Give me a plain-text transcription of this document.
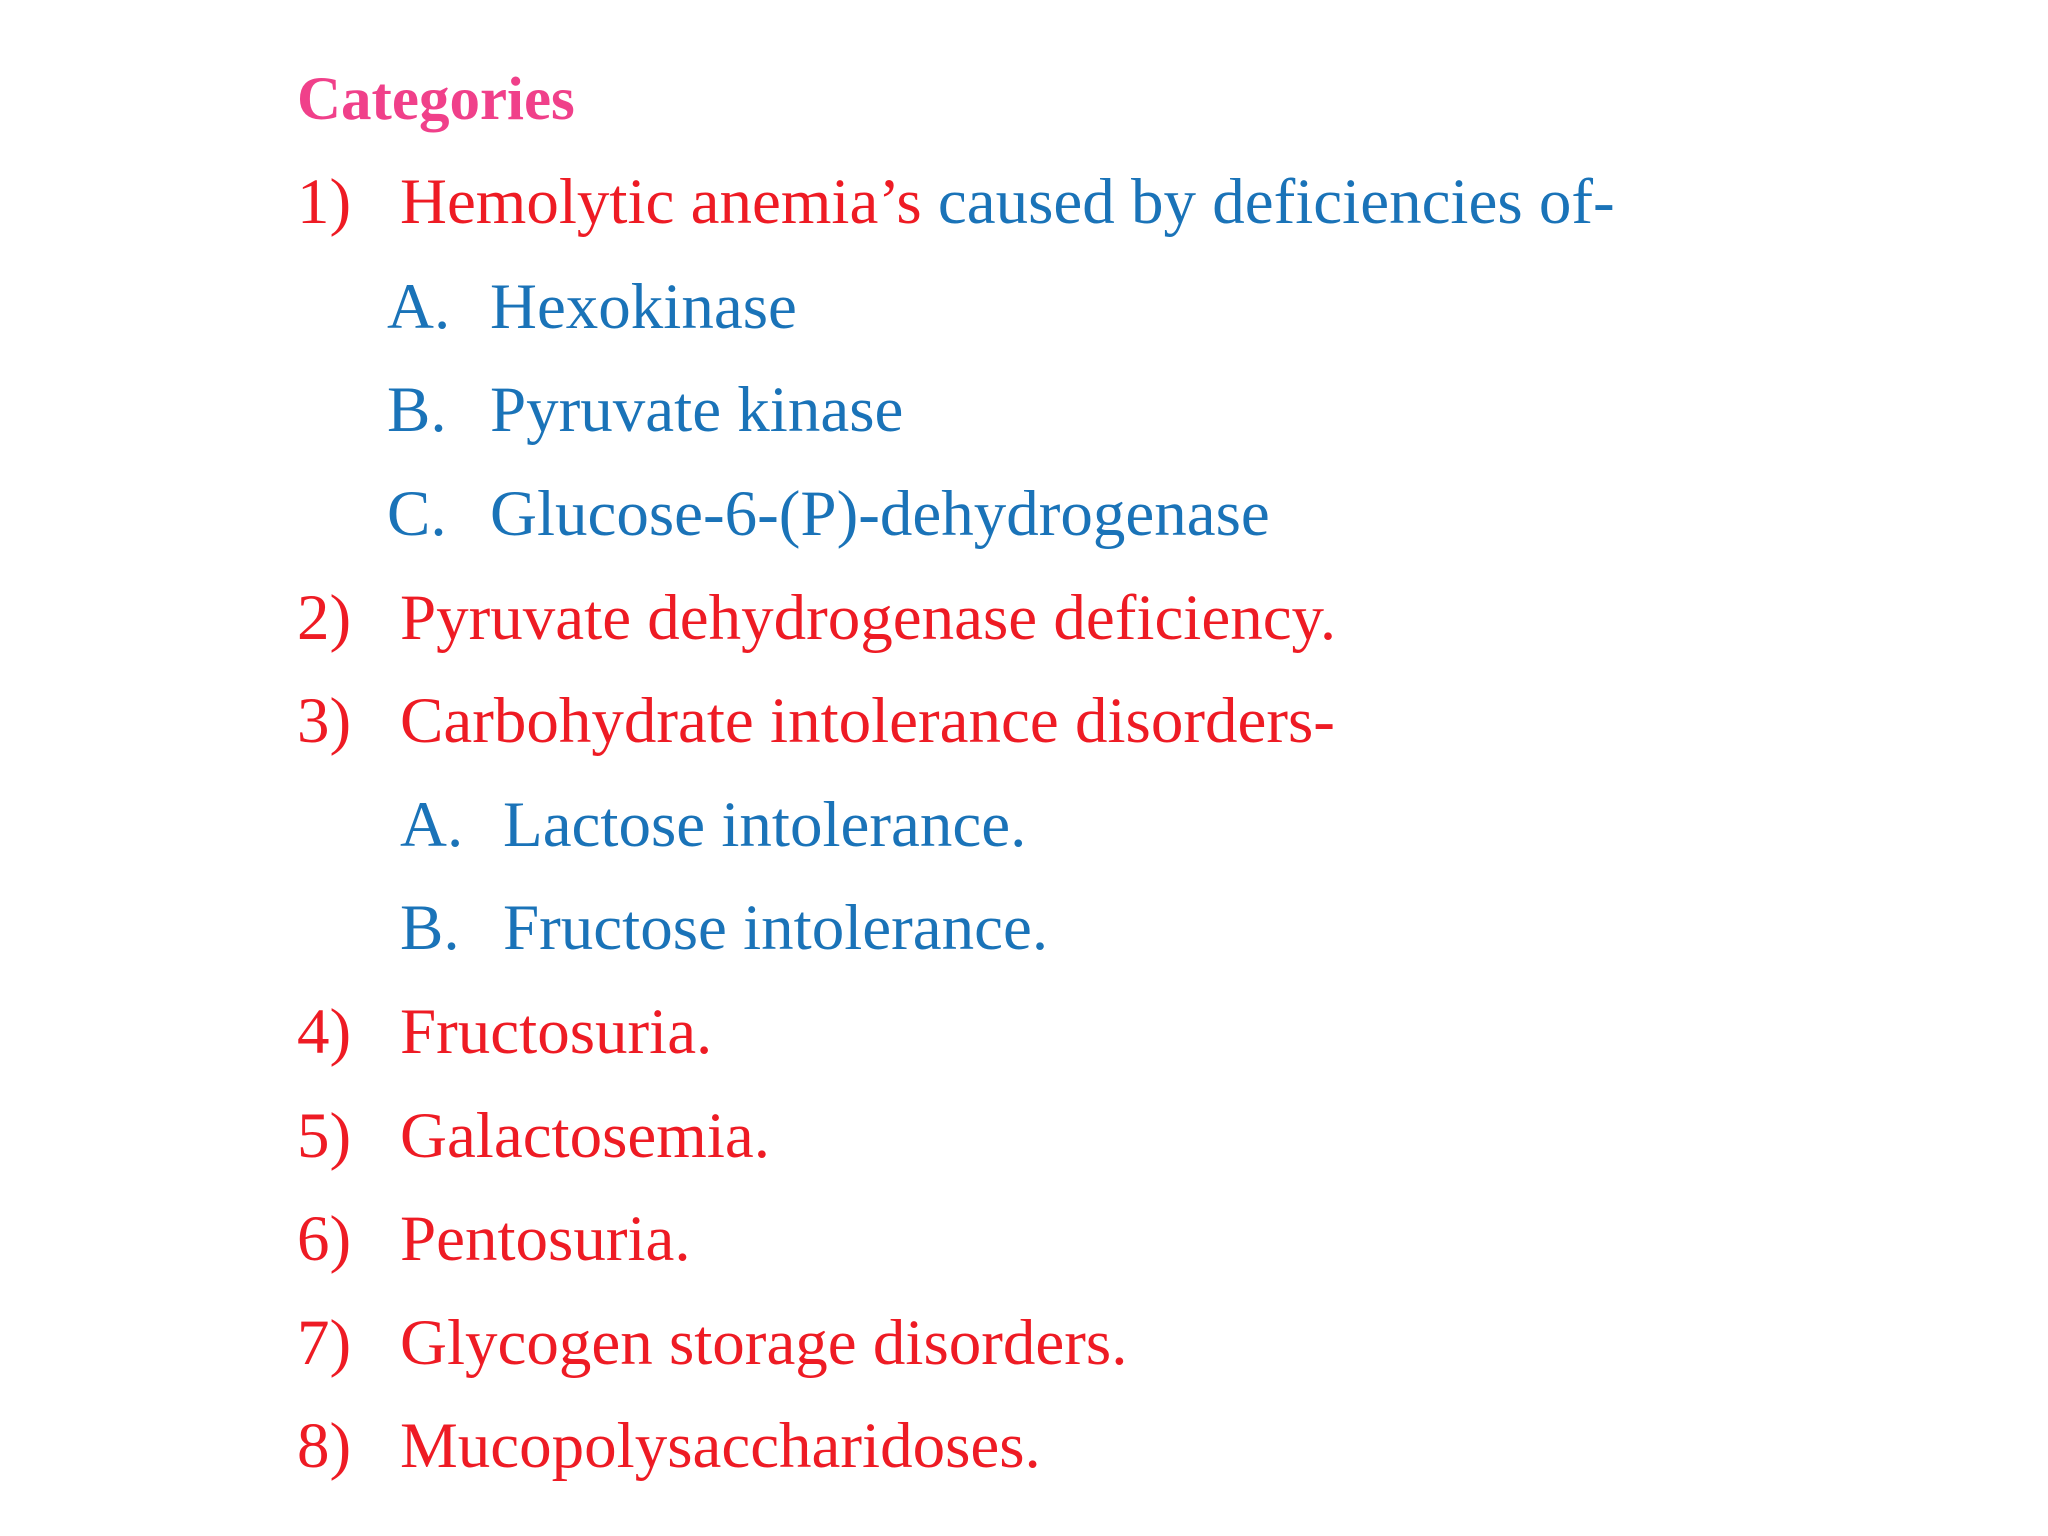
Categories
1) Hemolytic anemia’s caused by deficiencies of-
A. Hexokinase
B. Pyruvate kinase
C. Glucose-6-(P)-dehydrogenase
2) Pyruvate dehydrogenase deficiency.
3) Carbohydrate intolerance disorders-
A. Lactose intolerance.
B. Fructose intolerance.
4) Fructosuria.
5) Galactosemia.
6) Pentosuria.
7) Glycogen storage disorders.
8) Mucopolysaccharidoses.
